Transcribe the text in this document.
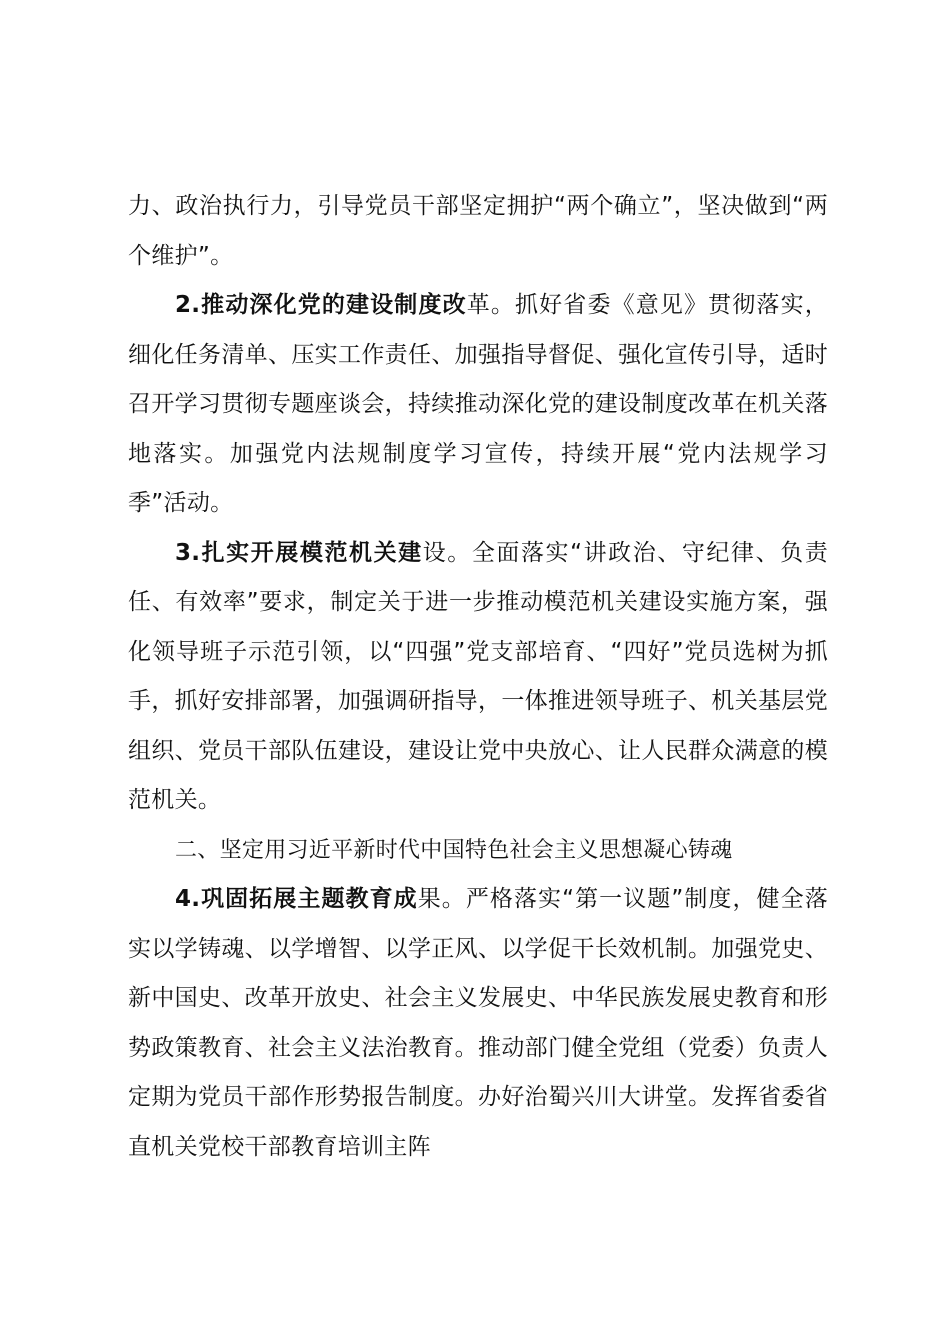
力、政治执行力，引导党员干部坚定拥护“两个确立”，坚决做到“两个维护”。

2.推动深化党的建设制度改革。抓好省委《意见》贯彻落实，细化任务清单、压实工作责任、加强指导督促、强化宣传引导，适时召开学习贯彻专题座谈会，持续推动深化党的建设制度改革在机关落地落实。加强党内法规制度学习宣传，持续开展“党内法规学习季”活动。

3.扎实开展模范机关建设。全面落实“讲政治、守纪律、负责任、有效率”要求，制定关于进一步推动模范机关建设实施方案，强化领导班子示范引领，以“四强”党支部培育、“四好”党员选树为抓手，抓好安排部署，加强调研指导，一体推进领导班子、机关基层党组织、党员干部队伍建设，建设让党中央放心、让人民群众满意的模范机关。

二、坚定用习近平新时代中国特色社会主义思想凝心铸魂

4.巩固拓展主题教育成果。严格落实“第一议题”制度，健全落实以学铸魂、以学增智、以学正风、以学促干长效机制。加强党史、新中国史、改革开放史、社会主义发展史、中华民族发展史教育和形势政策教育、社会主义法治教育。推动部门健全党组（党委）负责人定期为党员干部作形势报告制度。办好治蜀兴川大讲堂。发挥省委省直机关党校干部教育培训主阵
